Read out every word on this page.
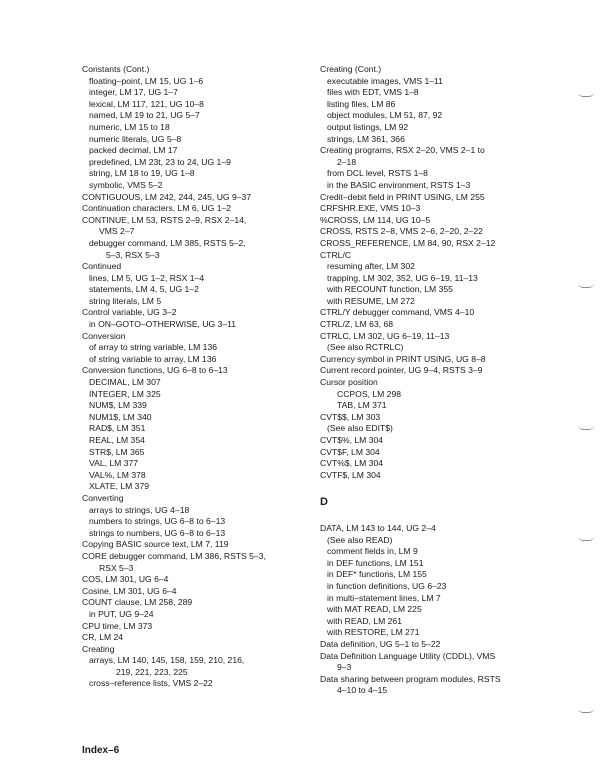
Constants (Cont.)
floating–point, LM 15, UG 1–6
integer, LM 17, UG 1–7
lexical, LM 117, 121, UG 10–8
named, LM 19 to 21, UG 5–7
numeric, LM 15 to 18
numeric literals, UG 5–8
packed decimal, LM 17
predefined, LM 23t, 23 to 24, UG 1–9
string, LM 18 to 19, UG 1–8
symbolic, VMS 5–2
CONTIGUOUS, LM 242, 244, 245, UG 9–37
Continuation characters, LM 6, UG 1–2
CONTINUE, LM 53, RSTS 2–9, RSX 2–14,
VMS 2–7
debugger command, LM 385, RSTS 5–2,
5–3, RSX 5–3
Continued
lines, LM 5, UG 1–2, RSX 1–4
statements, LM 4, 5, UG 1–2
string literals, LM 5
Control variable, UG 3–2
in ON–GOTO–OTHERWISE, UG 3–11
Conversion
of array to string variable, LM 136
of string variable to array, LM 136
Conversion functions, UG 6–8 to 6–13
DECIMAL, LM 307
INTEGER, LM 325
NUM$, LM 339
NUM1$, LM 340
RAD$, LM 351
REAL, LM 354
STR$, LM 365
VAL, LM 377
VAL%, LM 378
XLATE, LM 379
Converting
arrays to strings, UG 4–18
numbers to strings, UG 6–8 to 6–13
strings to numbers, UG 6–8 to 6–13
Copying BASIC source text, LM 7, 119
CORE debugger command, LM 386, RSTS 5–3,
RSX 5–3
COS, LM 301, UG 6–4
Cosine, LM 301, UG 6–4
COUNT clause, LM 258, 289
in PUT, UG 9–24
CPU time, LM 373
CR, LM 24
Creating
arrays, LM 140, 145, 158, 159, 210, 216,
219, 221, 223, 225
cross–reference lists, VMS 2–22
Creating (Cont.)
executable images, VMS 1–11
files with EDT, VMS 1–8
listing files, LM 86
object modules, LM 51, 87, 92
output listings, LM 92
strings, LM 361, 366
Creating programs, RSX 2–20, VMS 2–1 to
2–18
from DCL level, RSTS 1–8
in the BASIC environment, RSTS 1–3
Credit–debit field in PRINT USING, LM 255
CRFSHR.EXE, VMS 10–3
%CROSS, LM 114, UG 10–5
CROSS, RSTS 2–8, VMS 2–6, 2–20, 2–22
CROSS_REFERENCE, LM 84, 90, RSX 2–12
CTRL/C
resuming after, LM 302
trapping, LM 302, 352, UG 6–19, 11–13
with RECOUNT function, LM 355
with RESUME, LM 272
CTRL/Y debugger command, VMS 4–10
CTRL/Z, LM 63, 68
CTRLC, LM 302, UG 6–19, 11–13
(See also RCTRLC)
Currency symbol in PRINT USING, UG 8–8
Current record pointer, UG 9–4, RSTS 3–9
Cursor position
CCPOS, LM 298
TAB, LM 371
CVT$$, LM 303
(See also EDIT$)
CVT$%, LM 304
CVT$F, LM 304
CVT%$, LM 304
CVTF$, LM 304
D
DATA, LM 143 to 144, UG 2–4
(See also READ)
comment fields in, LM 9
in DEF functions, LM 151
in DEF* functions, LM 155
in function definitions, UG 6–23
in multi–statement lines, LM 7
with MAT READ, LM 225
with READ, LM 261
with RESTORE, LM 271
Data definition, UG 5–1 to 5–22
Data Definition Language Utility (CDDL), VMS
9–3
Data sharing between program modules, RSTS
4–10 to 4–15
Index–6
